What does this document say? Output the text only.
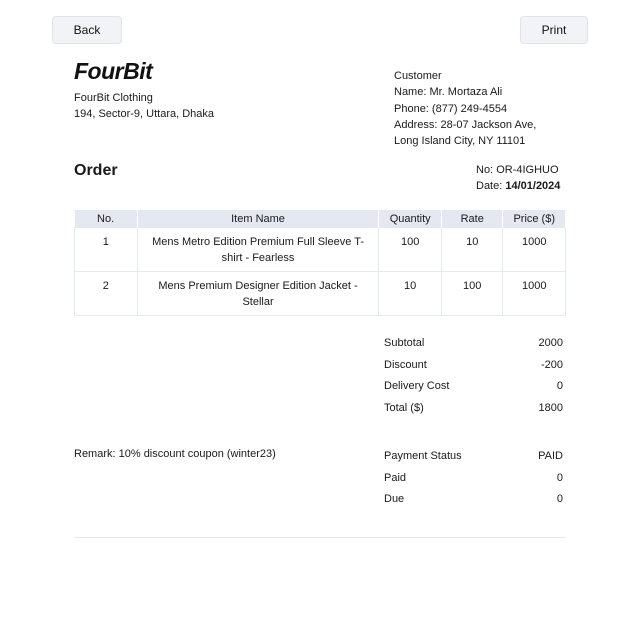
Back	Print
FourBit
FourBit Clothing
194, Sector-9, Uttara, Dhaka
Customer
Name: Mr. Mortaza Ali
Phone: (877) 249-4554
Address: 28-07 Jackson Ave,
Long Island City, NY 11101
Order	No: OR-4IGHUO
Date: 14/01/2024
No.	Item Name	Quantity	Rate	Price ($)
1	Mens Metro Edition Premium Full Sleeve T-shirt - Fearless	100	10	1000
2	Mens Premium Designer Edition Jacket - Stellar	10	100	1000
Subtotal	2000
Discount	-200
Delivery Cost	0
Total ($)	1800
Remark: 10% discount coupon (winter23)	Payment Status	PAID
Paid	0
Due	0
